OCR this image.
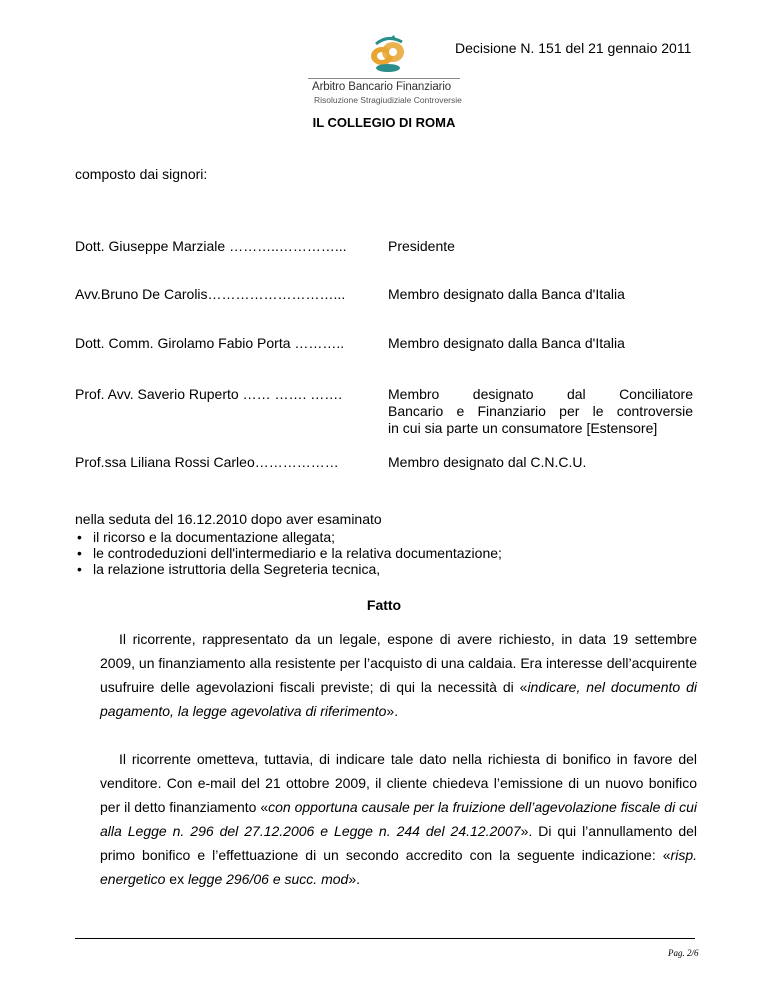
Decisione N. 151 del 21 gennaio 2011
Arbitro Bancario Finanziario
Risoluzione Stragiudiziale Controversie
IL COLLEGIO DI ROMA
composto dai signori:
Dott. Giuseppe Marziale ………..…………...	Presidente
Avv.Bruno De Carolis………………………...	Membro designato dalla Banca d'Italia
Dott. Comm. Girolamo Fabio Porta ………..	Membro designato dalla Banca d'Italia
Prof. Avv. Saverio Ruperto …… ……. …….	Membro designato dal Conciliatore
Bancario e Finanziario per le controversie
in cui sia parte un consumatore [Estensore]
Prof.ssa Liliana Rossi Carleo………………	Membro designato dal C.N.C.U.
nella seduta del 16.12.2010 dopo aver esaminato
• il ricorso e la documentazione allegata;
• le controdeduzioni dell'intermediario e la relativa documentazione;
• la relazione istruttoria della Segreteria tecnica,
Fatto

Il ricorrente, rappresentato da un legale, espone di avere richiesto, in data 19 settembre 2009, un finanziamento alla resistente per l’acquisto di una caldaia. Era interesse dell’acquirente usufruire delle agevolazioni fiscali previste; di qui la necessità di «indicare, nel documento di pagamento, la legge agevolativa di riferimento».

Il ricorrente ometteva, tuttavia, di indicare tale dato nella richiesta di bonifico in favore del venditore. Con e-mail del 21 ottobre 2009, il cliente chiedeva l’emissione di un nuovo bonifico per il detto finanziamento «con opportuna causale per la fruizione dell’agevolazione fiscale di cui alla Legge n. 296 del 27.12.2006 e Legge n. 244 del 24.12.2007». Di qui l’annullamento del primo bonifico e l’effettuazione di un secondo accredito con la seguente indicazione: «risp. energetico ex legge 296/06 e succ. mod».

Pag. 2/6
